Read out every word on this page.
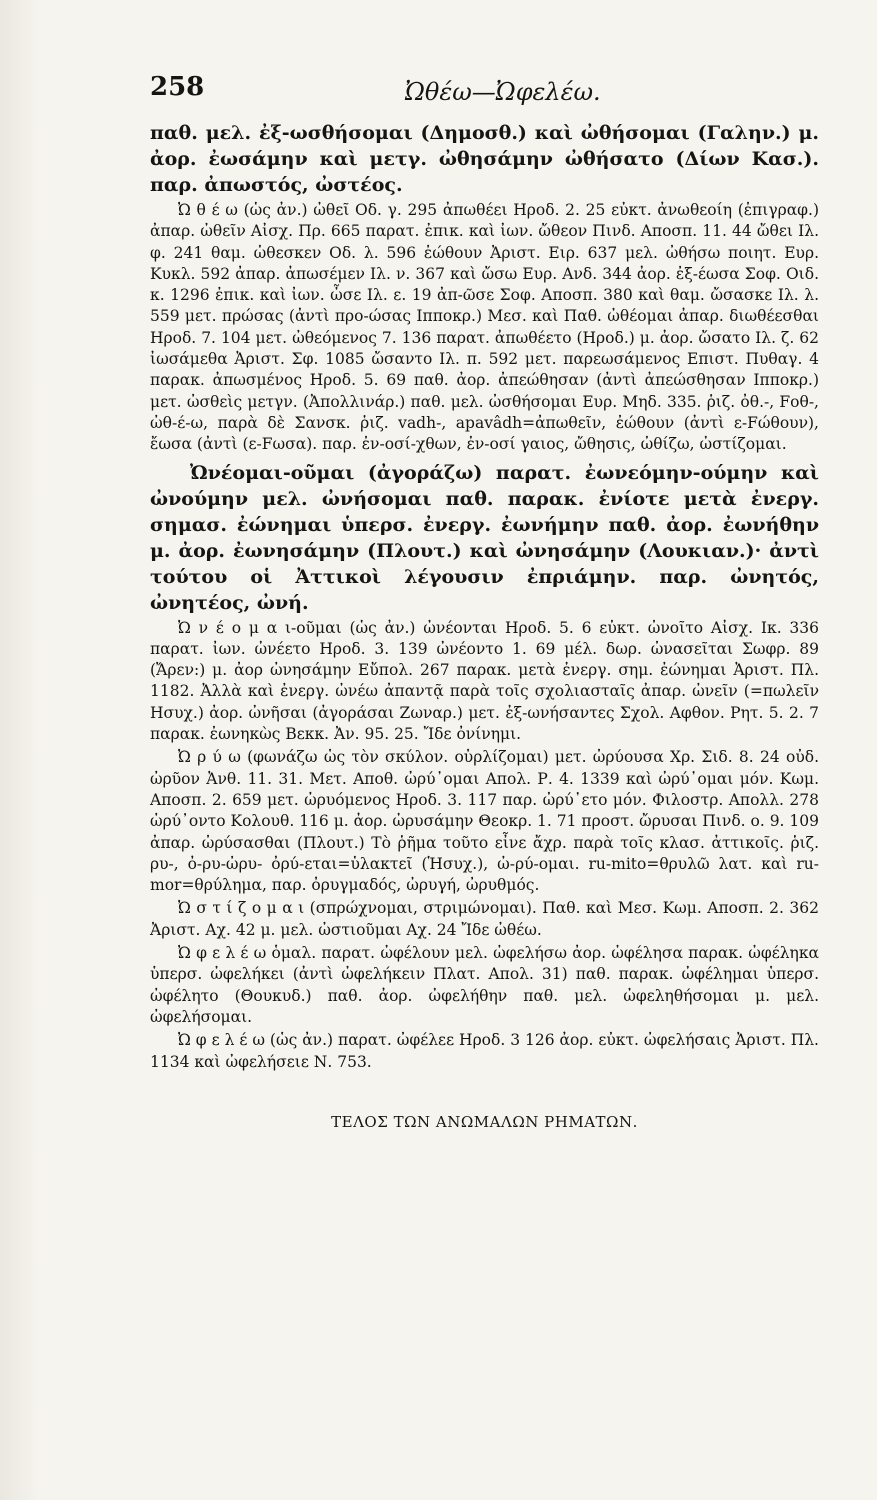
258	Ὠθέω—Ὠφελέω.

παθ. μελ. ἐξ-ωσθήσομαι (Δημοσθ.) καὶ ὠθήσομαι (Γαλην.) μ. ἀορ. ἐωσάμην καὶ μετγ. ὠθησάμην ὠθήσατο (Δίων Κασ.). παρ. ἀπωστός, ὠστέος.

Ὠ θ έ ω (ὡς ἀν.) ὠθεῖ Οδ. γ. 295 ἀπωθέει Ηροδ. 2. 25 εὐκτ. ἀνωθεοίη (ἐπιγραφ.) ἀπαρ. ὠθεῖν Αἰσχ. Πρ. 665 παρατ. ἐπικ. καὶ ἰων. ὤθεον Πινδ. Αποσπ. 11. 44 ὤθει Ιλ. φ. 241 θαμ. ὠθεσκεν Οδ. λ. 596 ἐώθουν Ἀριστ. Ειρ. 637 μελ. ὠθήσω ποιητ. Ευρ. Κυκλ. 592 ἀπαρ. ἀπωσέμεν Ιλ. ν. 367 καὶ ὤσω Ευρ. Ανδ. 344 ἀορ. ἐξ-έωσα Σοφ. Οιδ. κ. 1296 ἐπικ. καὶ ἰων. ὦσε Ιλ. ε. 19 ἀπ-ῶσε Σοφ. Αποσπ. 380 καὶ θαμ. ὤσασκε Ιλ. λ. 559 μετ. πρώσας (ἀντὶ προ-ώσας Ιπποκρ.) Μεσ. καὶ Παθ. ὠθέομαι ἀπαρ. διωθέεσθαι Ηροδ. 7. 104 μετ. ὠθεόμενος 7. 136 παρατ. ἀπωθέετο (Ηροδ.) μ. ἀορ. ὤσατο Ιλ. ζ. 62 ἰωσάμεθα Ἀριστ. Σφ. 1085 ὤσαντο Ιλ. π. 592 μετ. παρεωσάμενος Επιστ. Πυθαγ. 4 παρακ. ἀπωσμένος Ηροδ. 5. 69 παθ. ἀορ. ἀπεώθησαν (ἀντὶ ἀπεώσθησαν Ιπποκρ.) μετ. ὠσθεὶς μετγν. (Ἀπολλινάρ.) παθ. μελ. ὠσθήσομαι Ευρ. Μηδ. 335. ῥιζ. ὀθ.-, Fοθ-, ὠθ-έ-ω, παρὰ δὲ Σανσκ. ῥιζ. vadh-, apavâdh=ἀπωθεῖν, ἐώθουν (ἀντὶ ε-Fώθουν), ἔωσα (ἀντὶ (ε-Fωσα). παρ. ἐν-οσί-χθων, ἐν-οσί γαιος, ὤθησις, ὠθίζω, ὠστίζομαι.

Ὠνέομαι-οῦμαι (ἀγοράζω) παρατ. ἐωνεόμην-ούμην καὶ ὠνούμην μελ. ὠνήσομαι παθ. παρακ. ἐνίοτε μετὰ ἐνεργ. σημασ. ἐώνημαι ὑπερσ. ἐνεργ. ἐωνήμην παθ. ἀορ. ἐωνήθην μ. ἀορ. ἐωνησάμην (Πλουτ.) καὶ ὠνησάμην (Λουκιαν.)· ἀντὶ τούτου οἱ Ἀττικοὶ λέγουσιν ἐπριάμην. παρ. ὠνητός, ὠνητέος, ὠνή.

Ὠ ν έ ο μ α ι-οῦμαι (ὡς ἀν.) ὠνέονται Ηροδ. 5. 6 εὐκτ. ὠνοῖτο Αἰσχ. Ικ. 336 παρατ. ἰων. ὠνέετο Ηροδ. 3. 139 ὠνέοντο 1. 69 μέλ. δωρ. ὠνασεῖται Σωφρ. 89 (Ἄρεν:) μ. ἀορ ὠνησάμην Εὔπολ. 267 παρακ. μετὰ ἐνεργ. σημ. ἐώνημαι Ἀριστ. Πλ. 1182. Ἀλλὰ καὶ ἐνεργ. ὠνέω ἀπαντᾷ παρὰ τοῖς σχολιασταῖς ἀπαρ. ὠνεῖν (=πωλεῖν Ησυχ.) ἀορ. ὠνῆσαι (ἀγοράσαι Ζωναρ.) μετ. ἐξ-ωνήσαντες Σχολ. Αφθον. Ρητ. 5. 2. 7 παρακ. ἐωνηκὼς Βεκκ. Ἀν. 95. 25. Ἴδε ὀνίνημι.

Ὠ ρ ύ ω (φωνάζω ὡς τὸν σκύλον. οὑρλίζομαι) μετ. ὠρύουσα Χρ. Σιδ. 8. 24 οὐδ. ὠρῦον Ἀνθ. 11. 31. Μετ. Αποθ. ὠρύ᾽ομαι Απολ. Ρ. 4. 1339 καὶ ὠρύ᾽ομαι μόν. Κωμ. Αποσπ. 2. 659 μετ. ὠρυόμενος Ηροδ. 3. 117 παρ. ὠρύ᾽ετο μόν. Φιλοστρ. Απολλ. 278 ὠρύ᾽οντο Κολουθ. 116 μ. ἀορ. ὠρυσάμην Θεοκρ. 1. 71 προστ. ὤρυσαι Πινδ. ο. 9. 109 ἀπαρ. ὠρύσασθαι (Πλουτ.) Τὸ ῥῆμα τοῦτο εἶνε ἄχρ. παρὰ τοῖς κλασ. ἀττικοῖς. ῥιζ. ρυ-, ὀ-ρυ-ὠρυ- ὀρύ-εται=ὑλακτεῖ (Ἡσυχ.), ὠ-ρύ-ομαι. ru-mito=θρυλῶ λατ. καὶ ru-mor=θρύλημα, παρ. ὀρυγμαδός, ὠρυγή, ὠρυθμός.

Ὠ σ τ ί ζ ο μ α ι (σπρώχνομαι, στριμώνομαι). Παθ. καὶ Μεσ. Κωμ. Αποσπ. 2. 362 Ἀριστ. Αχ. 42 μ. μελ. ὠστιοῦμαι Αχ. 24 Ἴδε ὠθέω.

Ὠ φ ε λ έ ω ὁμαλ. παρατ. ὠφέλουν μελ. ὠφελήσω ἀορ. ὠφέλησα παρακ. ὠφέληκα ὑπερσ. ὠφελήκει (ἀντὶ ὠφελήκειν Πλατ. Απολ. 31) παθ. παρακ. ὠφέλημαι ὑπερσ. ὠφέλητο (Θουκυδ.) παθ. ἀορ. ὠφελήθην παθ. μελ. ὠφεληθήσομαι μ. μελ. ὠφελήσομαι.

Ὠ φ ε λ έ ω (ὡς ἀν.) παρατ. ὠφέλεε Ηροδ. 3 126 ἀορ. εὐκτ. ὠφελήσαις Ἀριστ. Πλ. 1134 καὶ ὠφελήσειε Ν. 753.

ΤΕΛΟΣ ΤΩΝ ΑΝΩΜΑΛΩΝ ΡΗΜΑΤΩΝ.
